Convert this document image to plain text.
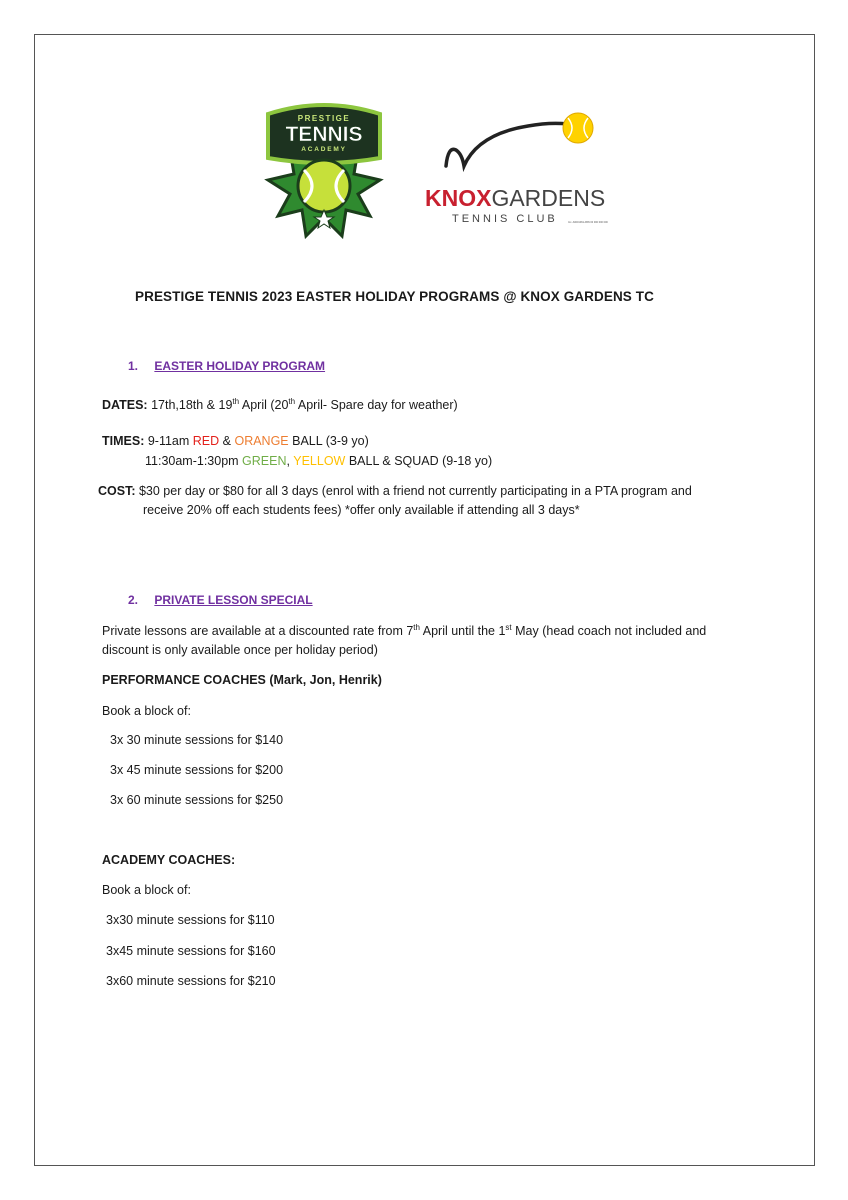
PRESTIGE
TENNIS
ACADEMY
KNOXGARDENS
TENNIS CLUB	Inc. A0001061 ABN 00 000 000 000
PRESTIGE TENNIS 2023 EASTER HOLIDAY PROGRAMS @ KNOX GARDENS TC
1. EASTER HOLIDAY PROGRAM
DATES: 17th,18th & 19th April (20th April- Spare day for weather)
TIMES: 9-11am RED & ORANGE BALL (3-9 yo)
11:30am-1:30pm GREEN, YELLOW BALL & SQUAD (9-18 yo)
COST: $30 per day or $80 for all 3 days (enrol with a friend not currently participating in a PTA program and
receive 20% off each students fees) *offer only available if attending all 3 days*
2. PRIVATE LESSON SPECIAL
Private lessons are available at a discounted rate from 7th April until the 1st May (head coach not included and
discount is only available once per holiday period)
PERFORMANCE COACHES (Mark, Jon, Henrik)
Book a block of:
3x 30 minute sessions for $140
3x 45 minute sessions for $200
3x 60 minute sessions for $250
ACADEMY COACHES:
Book a block of:
3x30 minute sessions for $110
3x45 minute sessions for $160
3x60 minute sessions for $210
